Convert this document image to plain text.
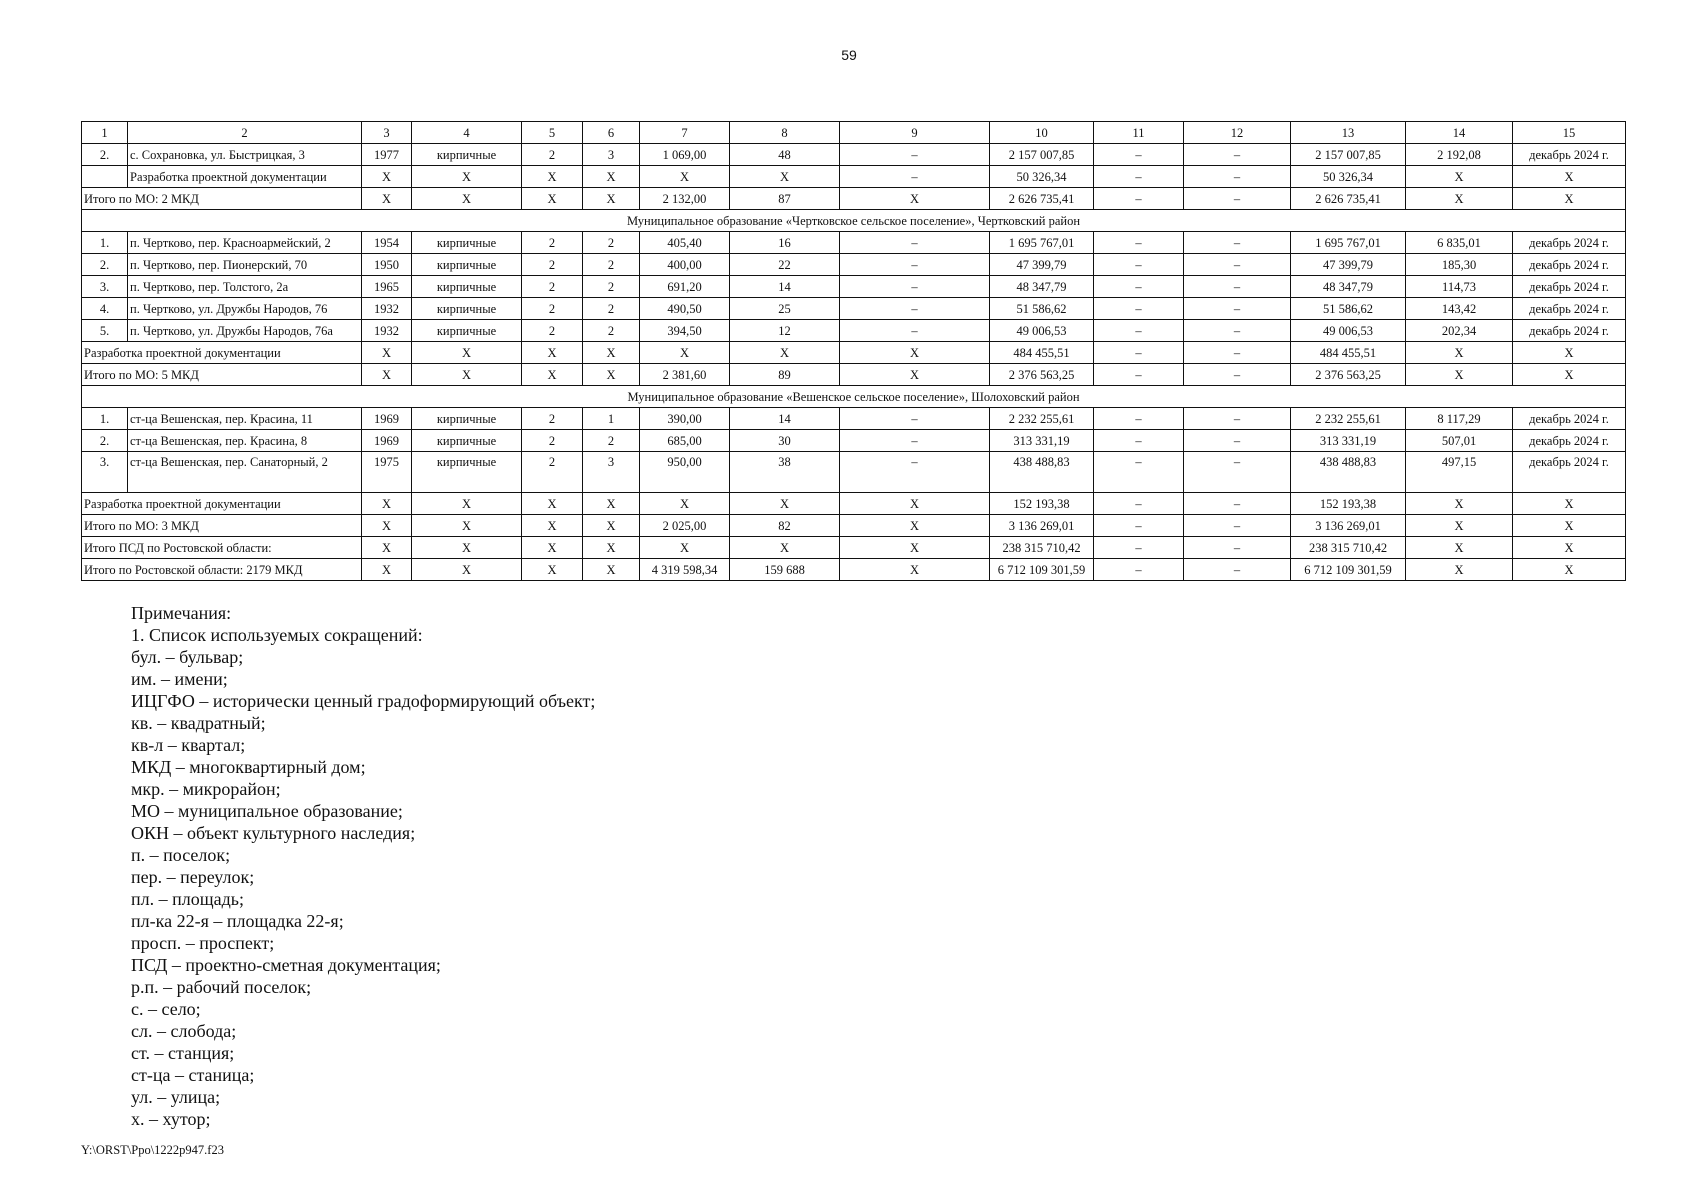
59
1	2	3	4	5	6	7	8	9	10	11	12	13	14	15
2.	с. Сохрановка, ул. Быстрицкая, 3	1977	кирпичные	2	3	1 069,00	48	–	2 157 007,85	–	–	2 157 007,85	2 192,08	декабрь 2024 г.
	Разработка проектной документации	Х	Х	Х	Х	Х	Х	–	50 326,34	–	–	50 326,34	Х	Х
Итого по МО: 2 МКД		Х	Х	Х	Х	2 132,00	87	Х	2 626 735,41	–	–	2 626 735,41	Х	Х
Муниципальное образование «Чертковское сельское поселение», Чертковский район														
1.	п. Чертково, пер. Красноармейский, 2	1954	кирпичные	2	2	405,40	16	–	1 695 767,01	–	–	1 695 767,01	6 835,01	декабрь 2024 г.
2.	п. Чертково, пер. Пионерский, 70	1950	кирпичные	2	2	400,00	22	–	47 399,79	–	–	47 399,79	185,30	декабрь 2024 г.
3.	п. Чертково, пер. Толстого, 2а	1965	кирпичные	2	2	691,20	14	–	48 347,79	–	–	48 347,79	114,73	декабрь 2024 г.
4.	п. Чертково, ул. Дружбы Народов, 76	1932	кирпичные	2	2	490,50	25	–	51 586,62	–	–	51 586,62	143,42	декабрь 2024 г.
5.	п. Чертково, ул. Дружбы Народов, 76а	1932	кирпичные	2	2	394,50	12	–	49 006,53	–	–	49 006,53	202,34	декабрь 2024 г.
Разработка проектной документации		Х	Х	Х	Х	Х	Х	Х	484 455,51	–	–	484 455,51	Х	Х
Итого по МО: 5 МКД		Х	Х	Х	Х	2 381,60	89	Х	2 376 563,25	–	–	2 376 563,25	Х	Х
Муниципальное образование «Вешенское сельское поселение», Шолоховский район														
1.	ст-ца Вешенская, пер. Красина, 11	1969	кирпичные	2	1	390,00	14	–	2 232 255,61	–	–	2 232 255,61	8 117,29	декабрь 2024 г.
2.	ст-ца Вешенская, пер. Красина, 8	1969	кирпичные	2	2	685,00	30	–	313 331,19	–	–	313 331,19	507,01	декабрь 2024 г.
3.	ст-ца Вешенская, пер. Санаторный, 2	1975	кирпичные	2	3	950,00	38	–	438 488,83	–	–	438 488,83	497,15	декабрь 2024 г.
Разработка проектной документации		Х	Х	Х	Х	Х	Х	Х	152 193,38	–	–	152 193,38	Х	Х
Итого по МО: 3 МКД		Х	Х	Х	Х	2 025,00	82	Х	3 136 269,01	–	–	3 136 269,01	Х	Х
Итого ПСД по Ростовской области:		Х	Х	Х	Х	Х	Х	Х	238 315 710,42	–	–	238 315 710,42	Х	Х
Итого по Ростовской области: 2179 МКД		Х	Х	Х	Х	4 319 598,34	159 688	Х	6 712 109 301,59	–	–	6 712 109 301,59	Х	Х
Примечания:
1. Список используемых сокращений:
бул. – бульвар;
им. – имени;
ИЦГФО – исторически ценный градоформирующий объект;
кв. – квадратный;
кв-л – квартал;
МКД – многоквартирный дом;
мкр. – микрорайон;
МО – муниципальное образование;
ОКН – объект культурного наследия;
п. – поселок;
пер. – переулок;
пл. – площадь;
пл-ка 22-я – площадка 22-я;
просп. – проспект;
ПСД – проектно-сметная документация;
р.п. – рабочий поселок;
с. – село;
сл. – слобода;
ст. – станция;
ст-ца – станица;
ул. – улица;
х. – хутор;
Y:\ORST\Ppo\1222p947.f23
